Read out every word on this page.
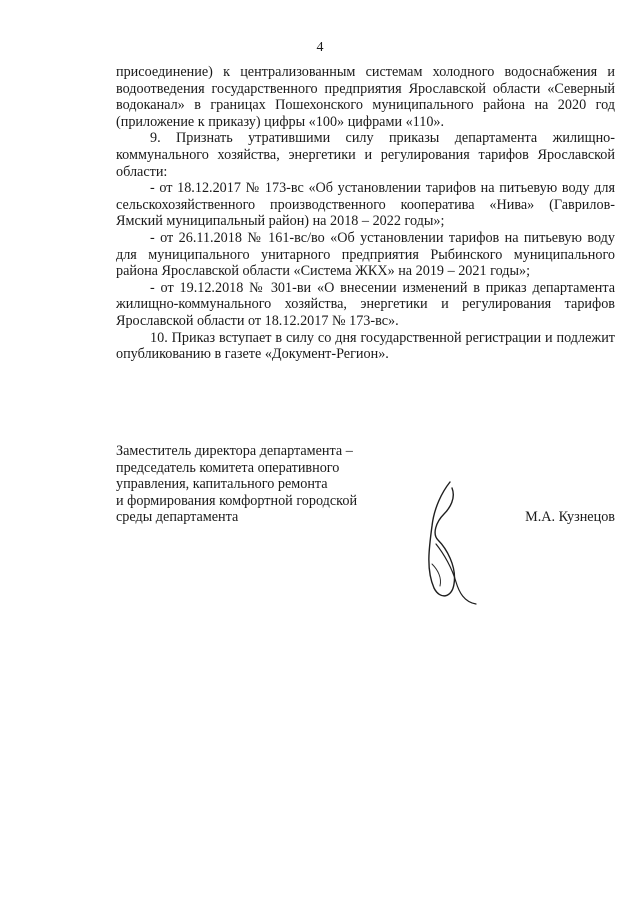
4

присоединение) к централизованным системам холодного водоснабжения и водоотведения государственного предприятия Ярославской области «Северный водоканал» в границах Пошехонского муниципального района на 2020 год (приложение к приказу) цифры «100» цифрами «110».

9. Признать утратившими силу приказы департамента жилищно-коммунального хозяйства, энергетики и регулирования тарифов Ярославской области:

- от 18.12.2017 № 173-вс «Об установлении тарифов на питьевую воду для сельскохозяйственного производственного кооператива «Нива» (Гаврилов-Ямский муниципальный район) на 2018 – 2022 годы»;

- от 26.11.2018 № 161-вс/во «Об установлении тарифов на питьевую воду для муниципального унитарного предприятия Рыбинского муниципального района Ярославской области «Система ЖКХ» на 2019 – 2021 годы»;

- от 19.12.2018 № 301-ви «О внесении изменений в приказ департамента жилищно-коммунального хозяйства, энергетики и регулирования тарифов Ярославской области от 18.12.2017 № 173-вс».

10. Приказ вступает в силу со дня государственной регистрации и подлежит опубликованию в газете «Документ-Регион».

Заместитель директора департамента –

председатель комитета оперативного

управления, капитального ремонта

и формирования комфортной городской

среды департамента	М.А. Кузнецов
